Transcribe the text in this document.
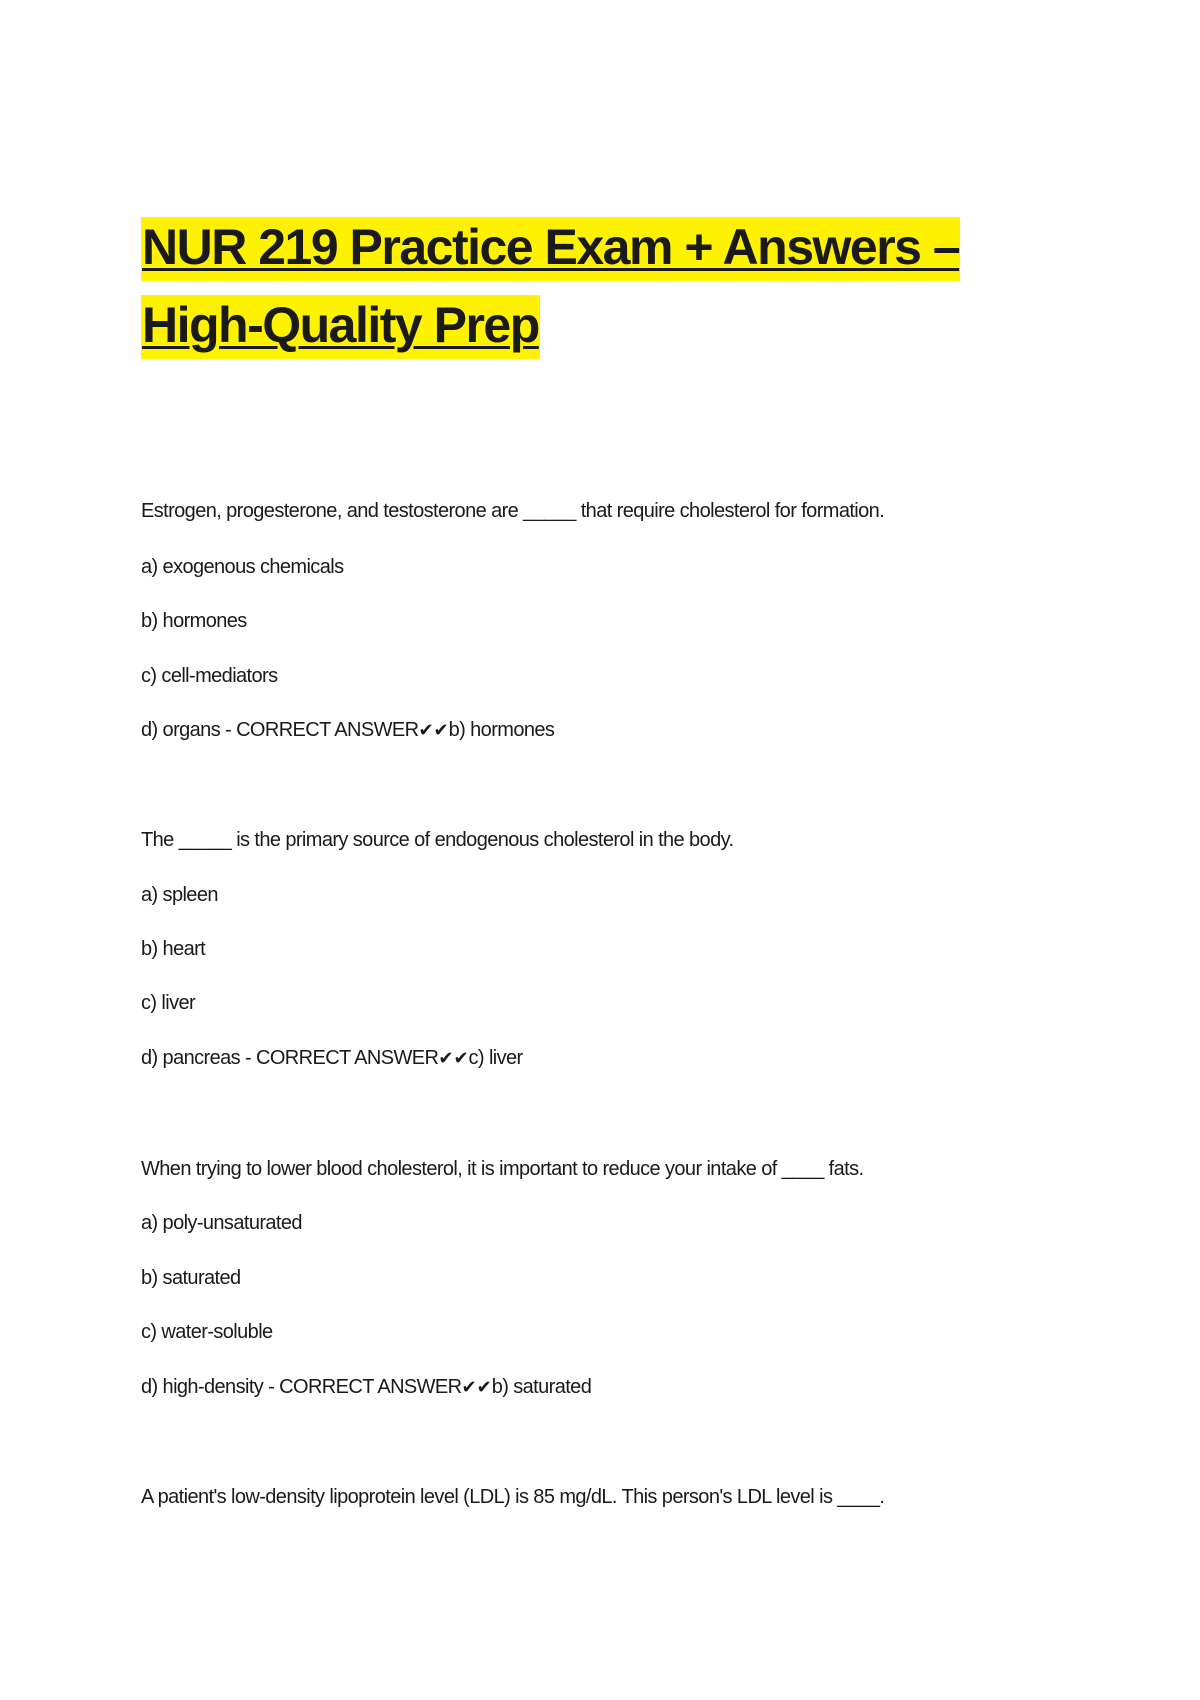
NUR 219 Practice Exam + Answers – High-Quality Prep

Estrogen, progesterone, and testosterone are _____ that require cholesterol for formation.

a) exogenous chemicals

b) hormones

c) cell-mediators

d) organs - CORRECT ANSWER✔✔b) hormones

The _____ is the primary source of endogenous cholesterol in the body.

a) spleen

b) heart

c) liver

d) pancreas - CORRECT ANSWER✔✔c) liver

When trying to lower blood cholesterol, it is important to reduce your intake of ____ fats.

a) poly-unsaturated

b) saturated

c) water-soluble

d) high-density - CORRECT ANSWER✔✔b) saturated

A patient's low-density lipoprotein level (LDL) is 85 mg/dL. This person's LDL level is ____.
